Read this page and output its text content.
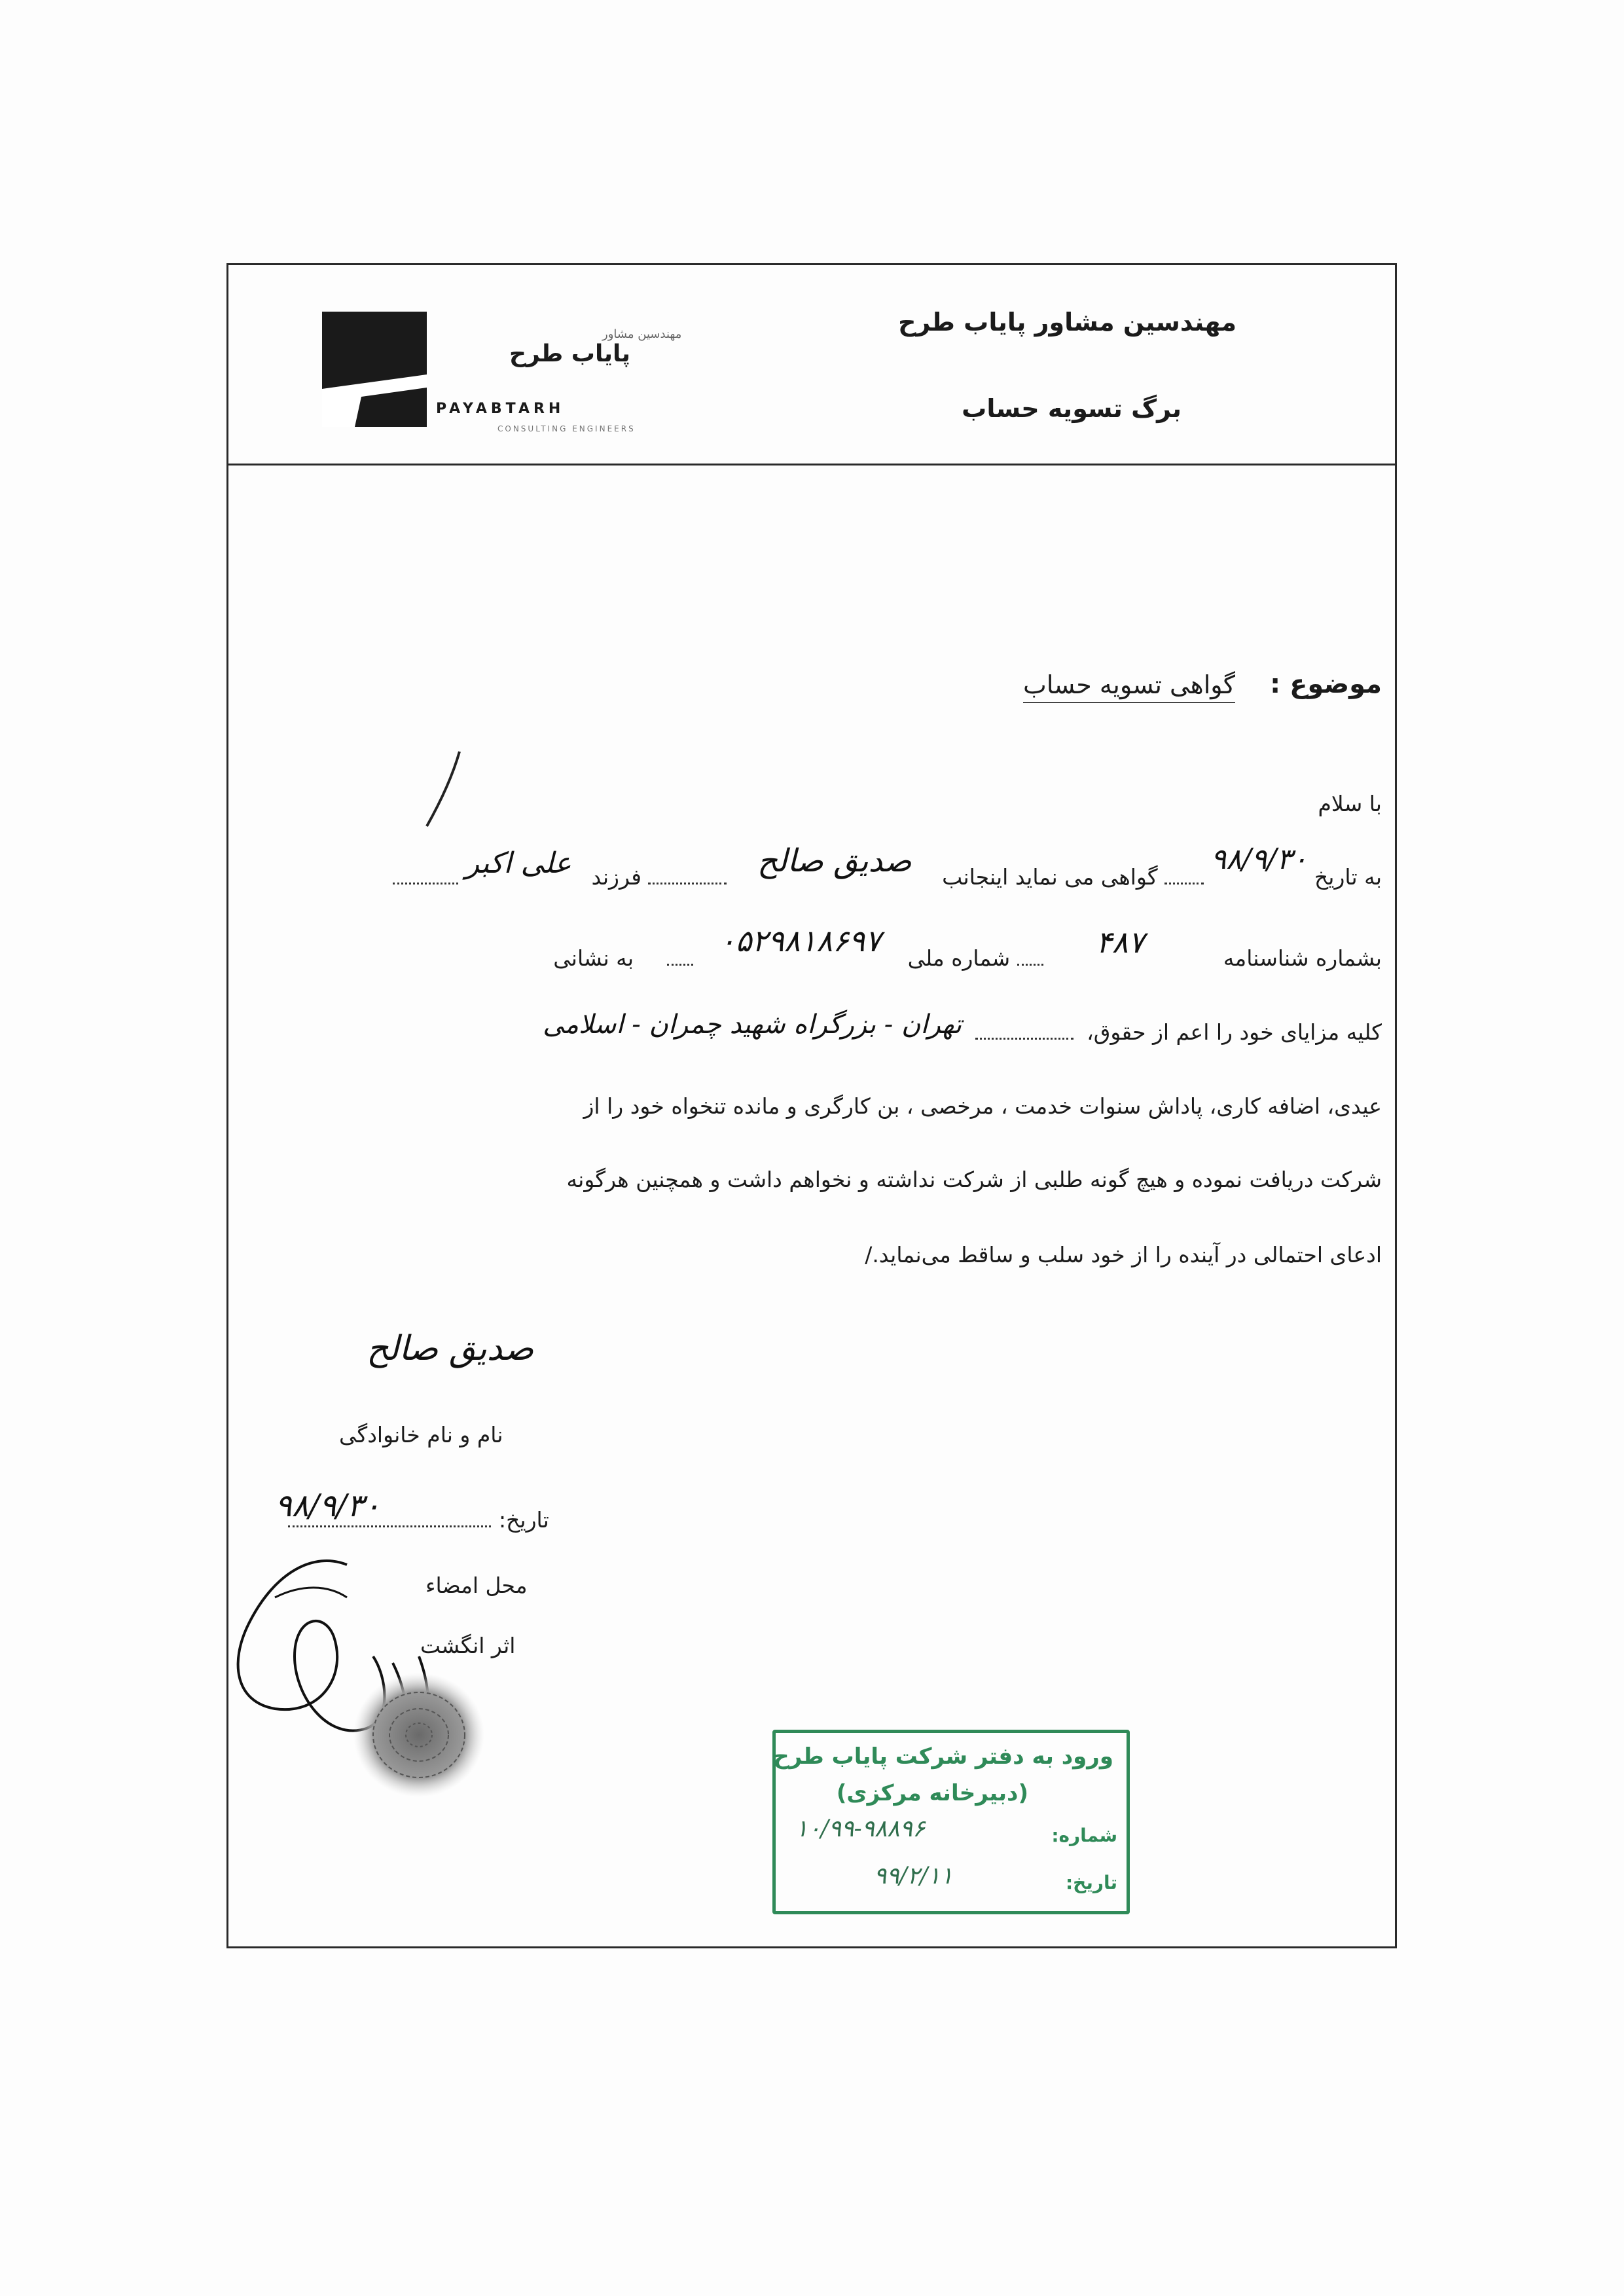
مهندسین مشاور پایاب طرح
برگ تسویه حساب
مهندسین مشاور
پایاب طرح
PAYABTARH
CONSULTING ENGINEERS
موضوع :
گواهی تسویه حساب
با سلام
به تاریخ ۹۸/۹/۳۰  گواهی می نماید اینجانب صدیق صالح  فرزند علی اکبر
بشماره شناسنامه ۴۸۷  شماره ملی ۰۵۲۹۸۱۸۶۹۷  به نشانی
کلیه مزایای خود را اعم از حقوق،  تهران - بزرگراه شهید چمران - اسلامی
عیدی، اضافه کاری، پاداش سنوات خدمت ، مرخصی ، بن کارگری و مانده تنخواه خود را از
شرکت دریافت نموده و هیچ گونه طلبی از شرکت نداشته و نخواهم داشت و همچنین هرگونه
ادعای احتمالی در آینده را از خود سلب و ساقط می‌نماید./
صدیق صالح
نام و نام خانوادگی
تاریخ:
۹۸/۹/۳۰
محل امضاء
اثر انگشت
ورود به دفتر شرکت پایاب طرح
(دبیرخانه مرکزی)
شماره:
۱۰/۹۹-۹۸۸۹۶
تاریخ:
۹۹/۲/۱۱
